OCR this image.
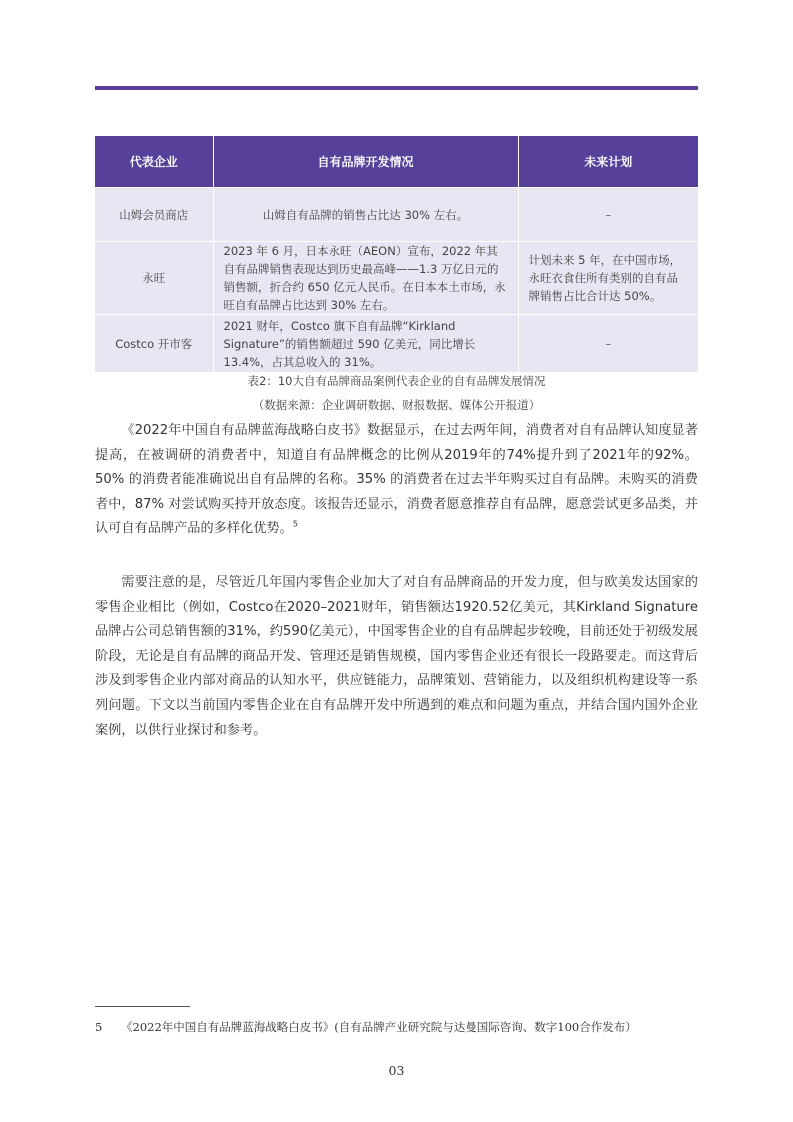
代表企业	自有品牌开发情况	未来计划
山姆会员商店	山姆自有品牌的销售占比达 30% 左右。	–
永旺	2023 年 6 月，日本永旺（AEON）宣布，2022 年其自有品牌销售表现达到历史最高峰——1.3 万亿日元的销售额，折合约 650 亿元人民币。在日本本土市场，永旺自有品牌占比达到 30% 左右。	计划未来 5 年，在中国市场，永旺衣食住所有类别的自有品牌销售占比合计达 50%。
Costco 开市客	2021 财年，Costco 旗下自有品牌“Kirkland Signature”的销售额超过 590 亿美元，同比增长 13.4%，占其总收入的 31%。	–
表2：10大自有品牌商品案例代表企业的自有品牌发展情况
（数据来源：企业调研数据、财报数据、媒体公开报道）

《2022年中国自有品牌蓝海战略白皮书》数据显示，在过去两年间，消费者对自有品牌认知度显著提高，在被调研的消费者中，知道自有品牌概念的比例从2019年的74%提升到了2021年的92%。50% 的消费者能准确说出自有品牌的名称。35% 的消费者在过去半年购买过自有品牌。未购买的消费者中，87% 对尝试购买持开放态度。该报告还显示，消费者愿意推荐自有品牌，愿意尝试更多品类，并认可自有品牌产品的多样化优势。$^5$

需要注意的是，尽管近几年国内零售企业加大了对自有品牌商品的开发力度，但与欧美发达国家的零售企业相比（例如，Costco在2020–2021财年，销售额达1920.52亿美元，其Kirkland Signature品牌占公司总销售额的31%，约590亿美元），中国零售企业的自有品牌起步较晚，目前还处于初级发展阶段，无论是自有品牌的商品开发、管理还是销售规模，国内零售企业还有很长一段路要走。而这背后涉及到零售企业内部对商品的认知水平，供应链能力，品牌策划、营销能力，以及组织机构建设等一系列问题。下文以当前国内零售企业在自有品牌开发中所遇到的难点和问题为重点，并结合国内国外企业案例，以供行业探讨和参考。

5 《2022年中国自有品牌蓝海战略白皮书》(自有品牌产业研究院与达曼国际咨询、数字100合作发布）
03
